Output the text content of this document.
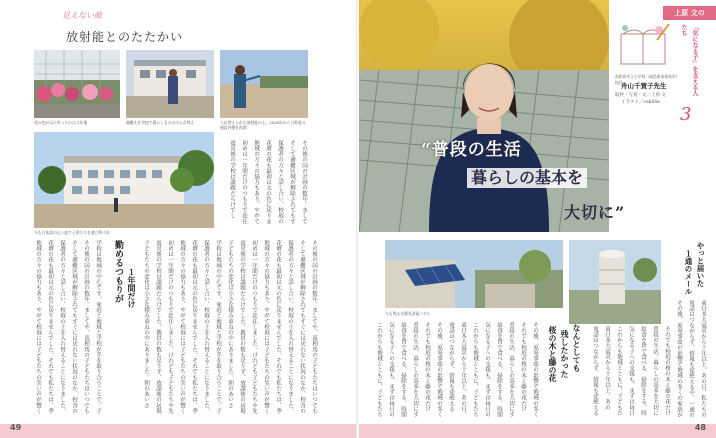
見えない敵
放射能とのたたかい
花の色が元に戻ったのは３年後	避難先を学校で暮らしもののの入れ替え	入れ替えられた放射能の土。2020年から日野委の施設内整を再開
今も日本語の広い庭で子供たちを遊び夢の木
その後の国の計画の数年。まして
そして避難区域が解除されてもす
保護者の方々と話し合い、校庭の
花壇の花も最初は元の色に戻りま
地域の方々の協力もあり、やがて
初めは一年間だけのつもりで赴任
震災後の学校は課題だらけでし
その後の国の計画の数年。ましてや、南相馬の子どもたちはいつでも
そして避難区域が解除されてもすぐには戻れない状況のなか、校舎の
保護者の方々と話し合い、校庭の土を入れ替えることになりました。
花壇の花も最初は元の色に戻りませんでした。それでも私たちは、季
地域の方々の協力もあり、やがて校庭には子どもたちの笑い声が響く
初めは一年間だけのつもりで赴任しました。けれども子どもたちや先
震災後の学校は課題だらけでした。教員の数も足りず、放課後の居場
子どもたちの変化は小さな積み重ねの中にありました。朝のあいさ
学校は地域の中心です。家庭と地域と学校が手を取り合うことで、子
保護者の方々と話し合い、校庭の土を入れ替えることになりました。
花壇の花も最初は元の色に戻りませんでした。それでも私たちは、季
地域の方々の協力もあり、やがて校庭には子どもたちの笑い声が響く
初めは一年間だけのつもりで赴任しました。けれども子どもたちや先
震災後の学校は課題だらけでした。教員の数も足りず、放課後の居場
子どもたちの変化は小さな積み重ねの中にありました。朝のあいさ
１年間だけ
勤めるつもりが
学校は地域の中心です。家庭と地域と学校が手を取り合うことで、子
その後の国の計画の数年。ましてや、南相馬の子どもたちはいつでも
そして避難区域が解除されてもすぐには戻れない状況のなか、校舎の
保護者の方々と話し合い、校庭の土を入れ替えることになりました。
花壇の花も最初は元の色に戻りませんでした。それでも私たちは、季
地域の方々の協力もあり、やがて校庭には子どもたちの笑い声が響く
49
“普段の生活
暮らしの基本を
大切に”
上原 文の
「気になる子」を支える人たち
3
南相馬市立小学校（福島県南相馬市）校長
舟山千賀子先生
取材・写真・文／上原 文
イラスト／cobitlie
今も残る太陽光発電パネル
やっと届いた
１通のメール
なんとしても
残したかった
桜の木と藤の花
東日本大震災から十年以上。あの日、私たちの
電話はつながらず、情報も途絶える中、一通の
その後、原発事故の影響で地域の多くの家族が
それでも校庭の桜の木と藤の花だけ
普段の生活、暮らしの基本を大切に
給食を皆で食べる、掃除をする、時
気になる子への支援も、まずは毎日
これからも地域とともに、子どもた
東日本大震災から十年以上。あの
電話はつながらず、情報も途絶える
その後、原発事故の影響で地域の多く
それでも校庭の桜の木と藤の花だけ
普段の生活、暮らしの基本を大切にす
給食を皆で食べる、掃除をする、時間
気になる子への支援も、まずは毎日の
これからも地域とともに、子どもたち
東日本大震災から十年以上。あの日、
電話はつながらず、情報も途絶える
その後、原発事故の影響で地域の多く
それでも校庭の桜の木と藤の花だけ
普段の生活、暮らしの基本を大切にす
給食を皆で食べる、掃除をする、時間
気になる子への支援も、まずは毎日の
これからも地域とともに、子どもたち
48
